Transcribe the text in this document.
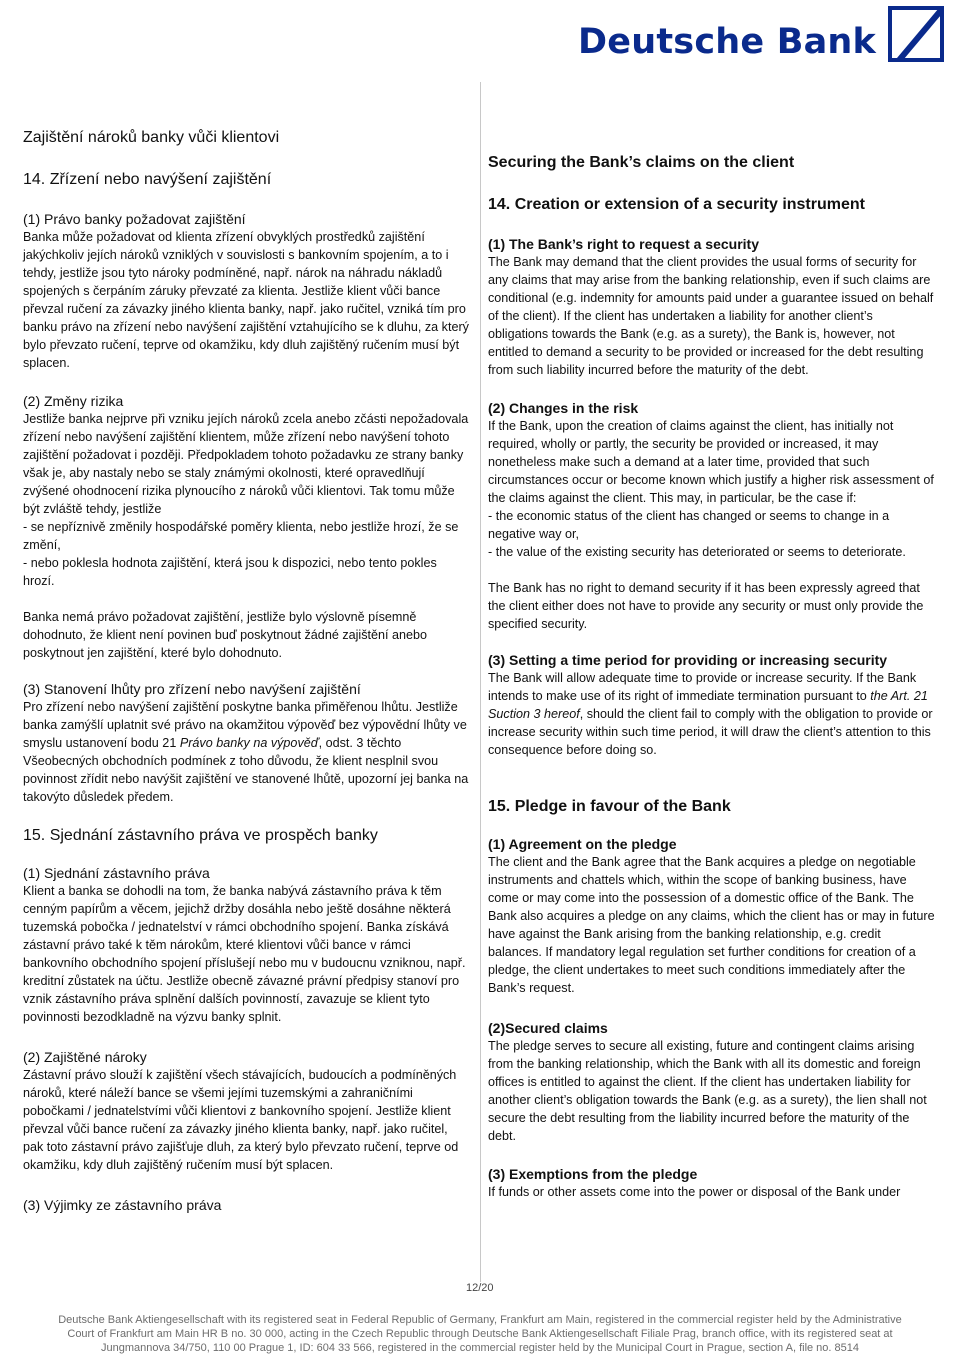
Deutsche Bank

Zajištění nároků banky vůči klientovi

14. Zřízení nebo navýšení zajištění

(1) Právo banky požadovat zajištění

Banka může požadovat od klienta zřízení obvyklých prostředků zajištění jakýchkoliv jejích nároků vzniklých v souvislosti s bankovním spojením, a to i tehdy, jestliže jsou tyto nároky podmíněné, např. nárok na náhradu nákladů spojených s čerpáním záruky převzaté za klienta. Jestliže klient vůči bance převzal ručení za závazky jiného klienta banky, např. jako ručitel, vzniká tím pro banku právo na zřízení nebo navýšení zajištění vztahujícího se k dluhu, za který bylo převzato ručení, teprve od okamžiku, kdy dluh zajištěný ručením musí být splacen.

(2) Změny rizika

Jestliže banka nejprve při vzniku jejích nároků zcela anebo zčásti nepožadovala zřízení nebo navýšení zajištění klientem, může zřízení nebo navýšení tohoto zajištění požadovat i později. Předpokladem tohoto požadavku ze strany banky však je, aby nastaly nebo se staly známými okolnosti, které opravedlňují zvýšené ohodnocení rizika plynoucího z nároků vůči klientovi. Tak tomu může být zvláště tehdy, jestliže

- se nepříznivě změnily hospodářské poměry klienta, nebo jestliže hrozí, že se změní,

- nebo poklesla hodnota zajištění, která jsou k dispozici, nebo tento pokles hrozí.

Banka nemá právo požadovat zajištění, jestliže bylo výslovně písemně dohodnuto, že klient není povinen buď poskytnout žádné zajištění anebo poskytnout jen zajištění, které bylo dohodnuto.

(3) Stanovení lhůty pro zřízení nebo navýšení zajištění

Pro zřízení nebo navýšení zajištění poskytne banka přiměřenou lhůtu. Jestliže banka zamýšlí uplatnit své právo na okamžitou výpověď bez výpovědní lhůty ve smyslu ustanovení bodu 21 Právo banky na výpověď, odst. 3 těchto Všeobecných obchodních podmínek z toho důvodu, že klient nesplnil svou povinnost zřídit nebo navýšit zajištění ve stanovené lhůtě, upozorní jej banka na takovýto důsledek předem.

15. Sjednání zástavního práva ve prospěch banky

(1) Sjednání zástavního práva

Klient a banka se dohodli na tom, že banka nabývá zástavního práva k těm cenným papírům a věcem, jejichž držby dosáhla nebo ještě dosáhne některá tuzemská pobočka / jednatelství v rámci obchodního spojení. Banka získává zástavní právo také k těm nárokům, které klientovi vůči bance v rámci bankovního obchodního spojení příslušejí nebo mu v budoucnu vzniknou, např. kreditní zůstatek na účtu. Jestliže obecně závazné právní předpisy stanoví pro vznik zástavního práva splnění dalších povinností, zavazuje se klient tyto povinnosti bezodkladně na výzvu banky splnit.

(2) Zajištěné nároky

Zástavní právo slouží k zajištění všech stávajících, budoucích a podmíněných nároků, které náleží bance se všemi jejími tuzemskými a zahraničními pobočkami / jednatelstvími vůči klientovi z bankovního spojení. Jestliže klient převzal vůči bance ručení za závazky jiného klienta banky, např. jako ručitel, pak toto zástavní právo zajišťuje dluh, za který bylo převzato ručení, teprve od okamžiku, kdy dluh zajištěný ručením musí být splacen.

(3) Výjimky ze zástavního práva

Securing the Bank’s claims on the client

14. Creation or extension of a security instrument

(1) The Bank’s right to request a security

The Bank may demand that the client provides the usual forms of security for any claims that may arise from the banking relationship, even if such claims are conditional (e.g. indemnity for amounts paid under a guarantee issued on behalf of the client). If the client has undertaken a liability for another client’s obligations towards the Bank (e.g. as a surety), the Bank is, however, not entitled to demand a security to be provided or increased for the debt resulting from such liability incurred before the maturity of the debt.

(2) Changes in the risk

If the Bank, upon the creation of claims against the client, has initially not required, wholly or partly, the security be provided or increased, it may nonetheless make such a demand at a later time, provided that such circumstances occur or become known which justify a higher risk assessment of the claims against the client. This may, in particular, be the case if:

- the economic status of the client has changed or seems to change in a negative way or,

- the value of the existing security has deteriorated or seems to deteriorate.

The Bank has no right to demand security if it has been expressly agreed that the client either does not have to provide any security or must only provide the specified security.

(3) Setting a time period for providing or increasing security

The Bank will allow adequate time to provide or increase security. If the Bank intends to make use of its right of immediate termination pursuant to the Art. 21 Suction 3 hereof, should the client fail to comply with the obligation to provide or increase security within such time period, it will draw the client’s attention to this consequence before doing so.

15. Pledge in favour of the Bank

(1) Agreement on the pledge

The client and the Bank agree that the Bank acquires a pledge on negotiable instruments and chattels which, within the scope of banking business, have come or may come into the possession of a domestic office of the Bank. The Bank also acquires a pledge on any claims, which the client has or may in future have against the Bank arising from the banking relationship, e.g. credit balances. If mandatory legal regulation set further conditions for creation of a pledge, the client undertakes to meet such conditions immediately after the Bank’s request.

(2)Secured claims

The pledge serves to secure all existing, future and contingent claims arising from the banking relationship, which the Bank with all its domestic and foreign offices is entitled to against the client. If the client has undertaken liability for another client’s obligation towards the Bank (e.g. as a surety), the lien shall not secure the debt resulting from the liability incurred before the maturity of the debt.

(3) Exemptions from the pledge

If funds or other assets come into the power or disposal of the Bank under

12/20
Deutsche Bank Aktiengesellschaft with its registered seat in Federal Republic of Germany, Frankfurt am Main, registered in the commercial register held by the Administrative
Court of Frankfurt am Main HR B no. 30 000, acting in the Czech Republic through Deutsche Bank Aktiengesellschaft Filiale Prag, branch office, with its registered seat at
Jungmannova 34/750, 110 00 Prague 1, ID: 604 33 566, registered in the commercial register held by the Municipal Court in Prague, section A, file no. 8514
